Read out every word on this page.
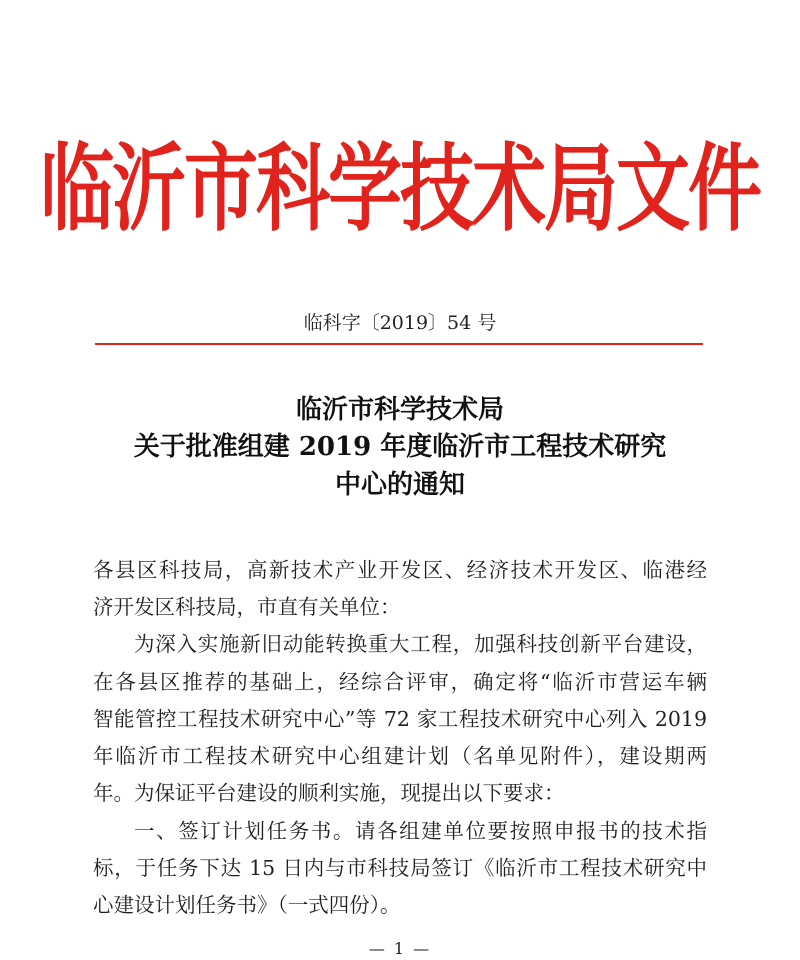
临沂市科学技术局文件
临科字〔2019〕54 号
临沂市科学技术局
关于批准组建 2019 年度临沂市工程技术研究
中心的通知
各县区科技局，高新技术产业开发区、经济技术开发区、临港经
济开发区科技局，市直有关单位：
为深入实施新旧动能转换重大工程，加强科技创新平台建设，
在各县区推荐的基础上，经综合评审，确定将“临沂市营运车辆
智能管控工程技术研究中心”等 72 家工程技术研究中心列入 2019
年临沂市工程技术研究中心组建计划（名单见附件），建设期两
年。为保证平台建设的顺利实施，现提出以下要求：
一、签订计划任务书。请各组建单位要按照申报书的技术指
标，于任务下达 15 日内与市科技局签订《临沂市工程技术研究中
心建设计划任务书》（一式四份）。
— 1 —
